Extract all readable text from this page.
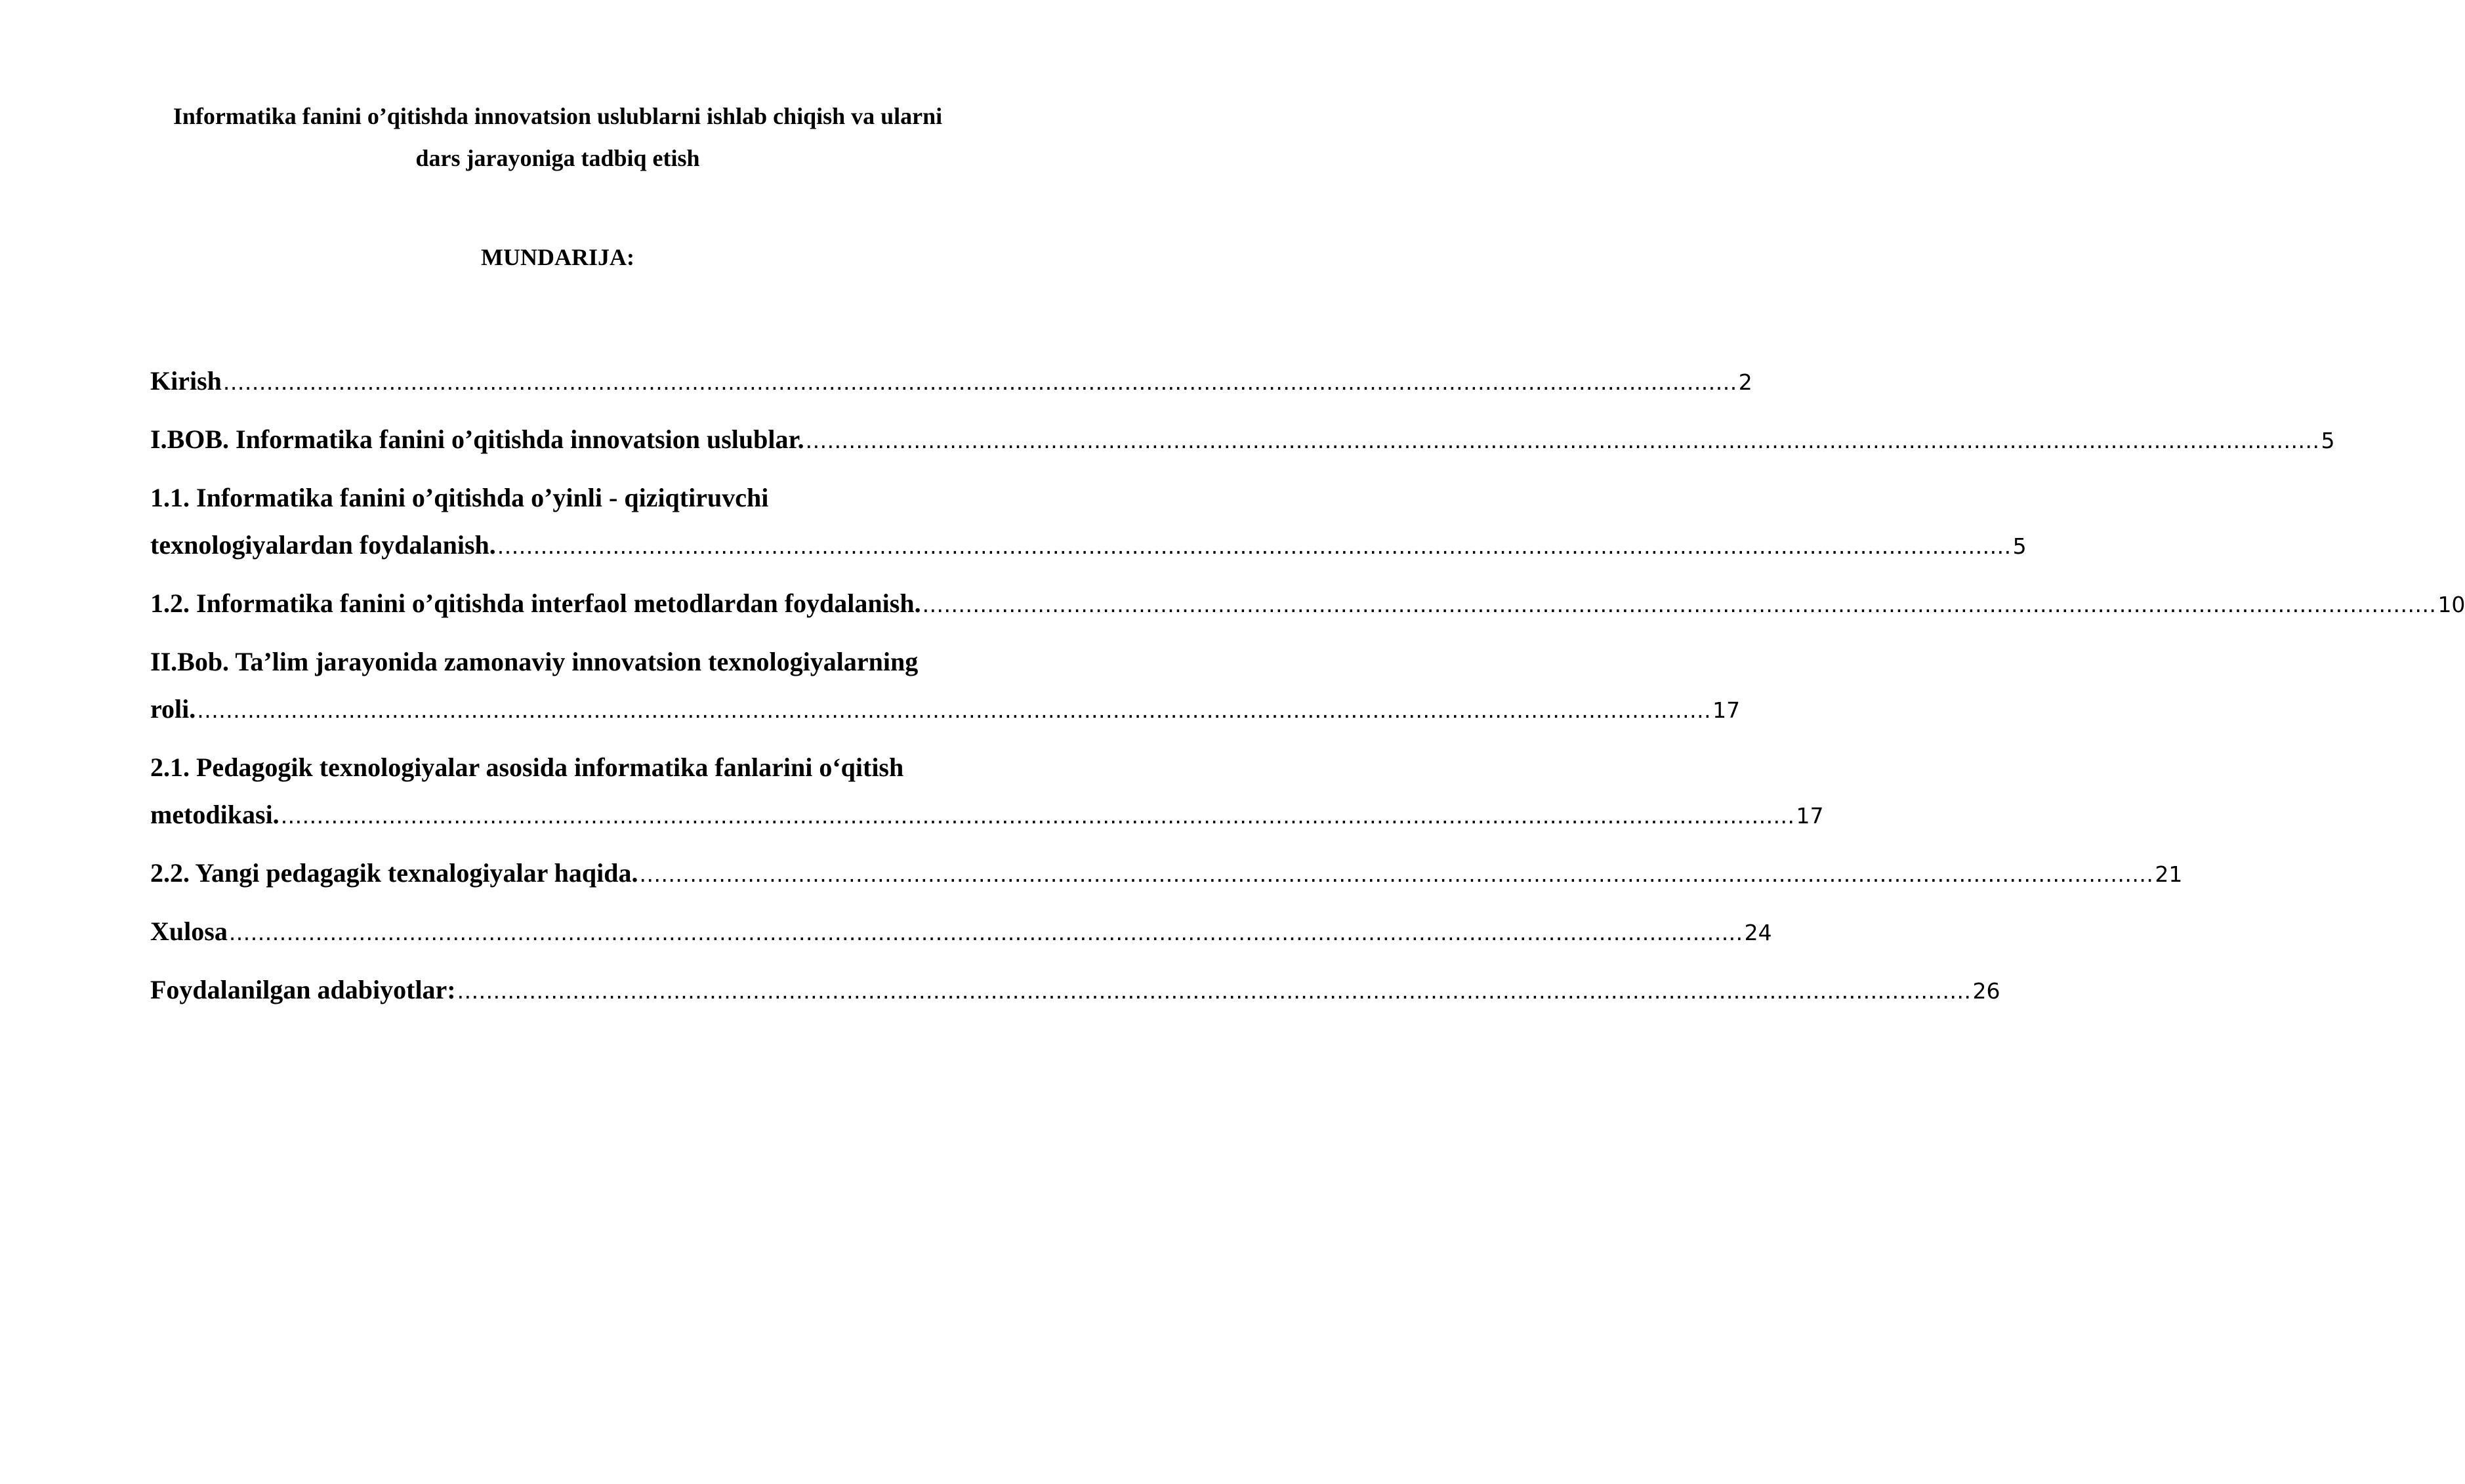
Informatika fanini o’qitishda innovatsion uslublarni ishlab chiqish va ularni
dars jarayoniga tadbiq etish
MUNDARIJA:
Kirish .................................................................................................................................................................................................................. 2
I.BOB. Informatika fanini o’qitishda innovatsion uslublar. .................................................................................................................................................................................................................. 5
1.1. Informatika fanini o’qitishda o’yinli - qiziqtiruvchi
texnologiyalardan foydalanish. .................................................................................................................................................................................................................. 5
1.2. Informatika fanini o’qitishda interfaol metodlardan foydalanish. .................................................................................................................................................................................................................. 10
II.Bob. Ta’lim jarayonida zamonaviy innovatsion texnologiyalarning
roli. .................................................................................................................................................................................................................. 17
2.1. Pedagogik texnologiyalar asosida informatika fanlarini o‘qitish
metodikasi. .................................................................................................................................................................................................................. 17
2.2. Yangi pedagagik texnalogiyalar haqida. .................................................................................................................................................................................................................. 21
Xulosa .................................................................................................................................................................................................................. 24
Foydalanilgan adabiyotlar: .................................................................................................................................................................................................................. 26
